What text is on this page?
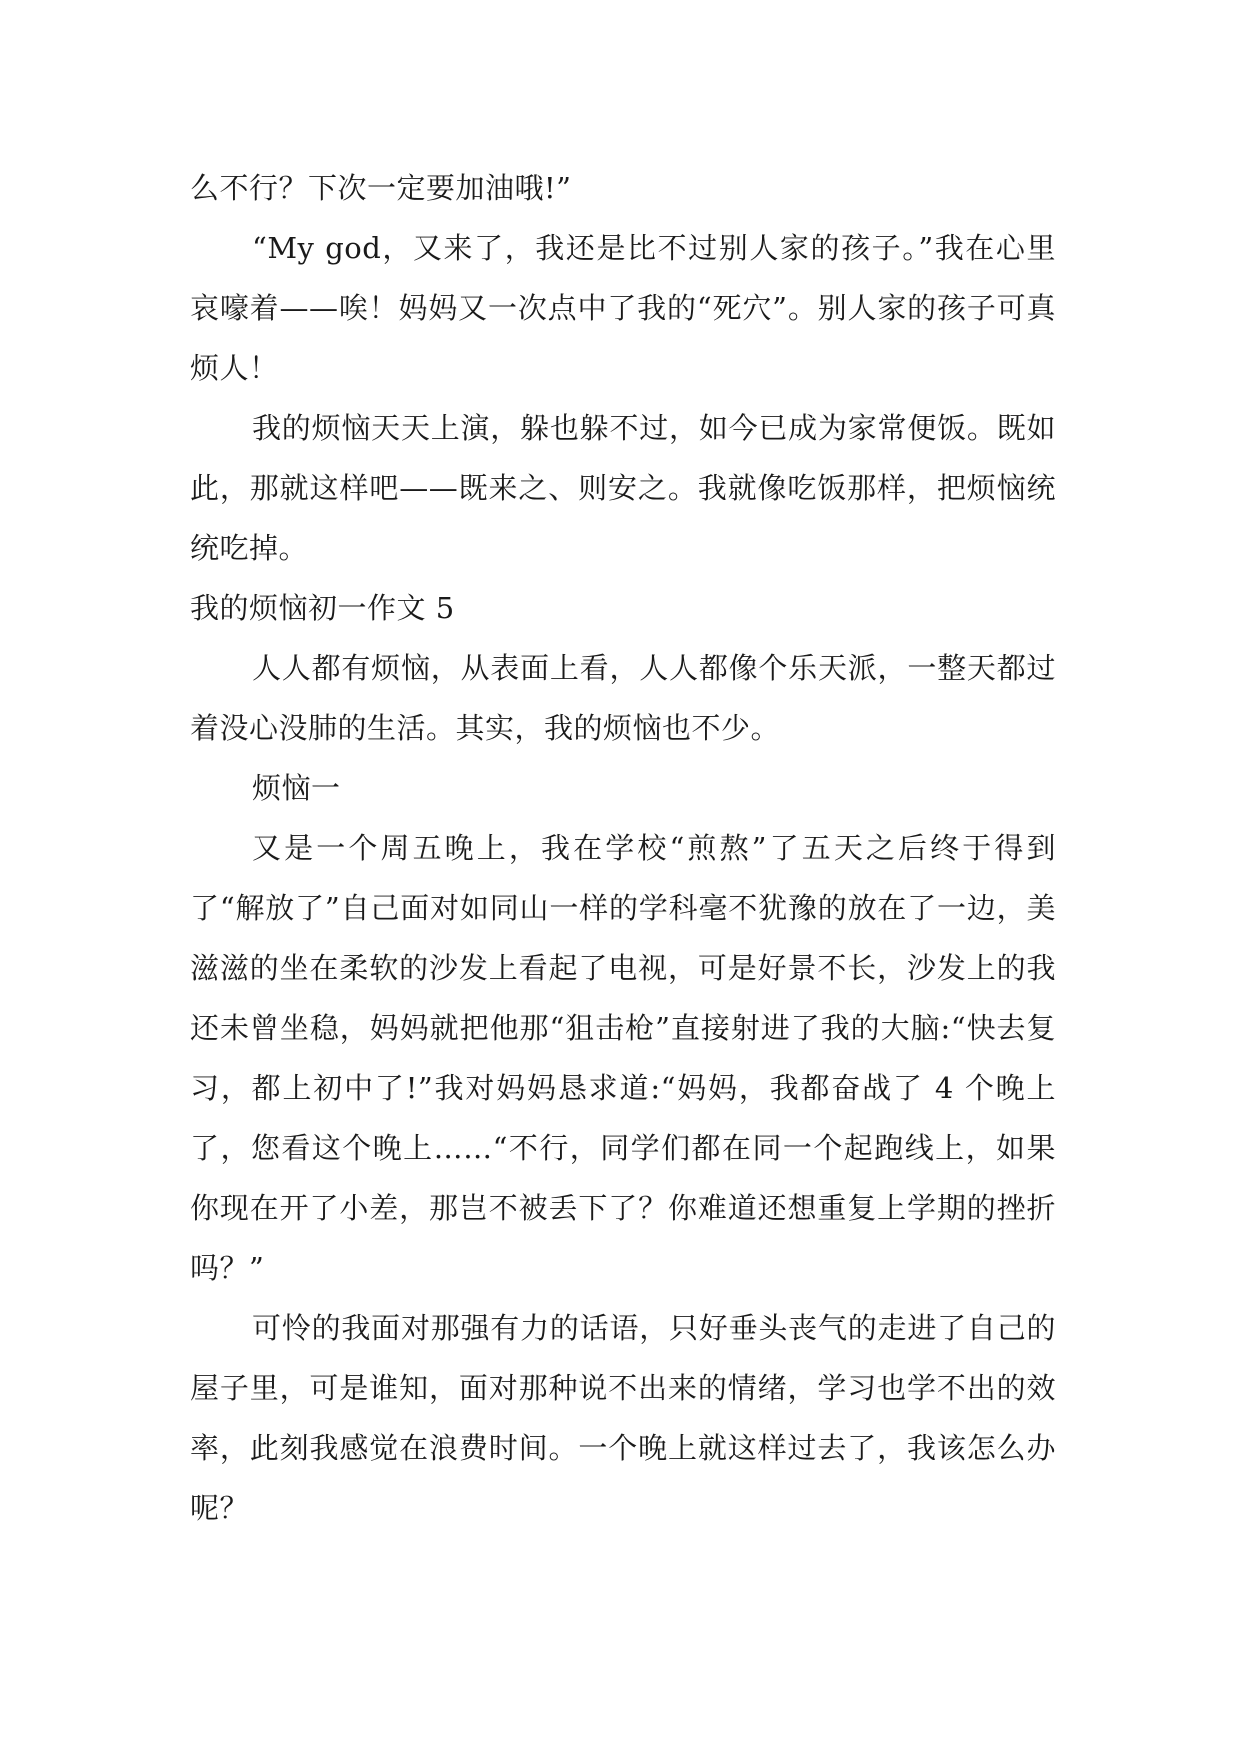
么不行？下次一定要加油哦!”

“My god，又来了，我还是比不过别人家的孩子。”我在心里哀嚎着——唉！妈妈又一次点中了我的“死穴”。别人家的孩子可真烦人！

我的烦恼天天上演，躲也躲不过，如今已成为家常便饭。既如此，那就这样吧——既来之、则安之。我就像吃饭那样，把烦恼统统吃掉。

我的烦恼初一作文 5

人人都有烦恼，从表面上看，人人都像个乐天派，一整天都过着没心没肺的生活。其实，我的烦恼也不少。

烦恼一

又是一个周五晚上，我在学校“煎熬”了五天之后终于得到了“解放了”自己面对如同山一样的学科毫不犹豫的放在了一边，美滋滋的坐在柔软的沙发上看起了电视，可是好景不长，沙发上的我还未曾坐稳，妈妈就把他那“狙击枪”直接射进了我的大脑:“快去复习，都上初中了!”我对妈妈恳求道:“妈妈，我都奋战了 4 个晚上了，您看这个晚上……“不行，同学们都在同一个起跑线上，如果你现在开了小差，那岂不被丢下了？你难道还想重复上学期的挫折吗？”

可怜的我面对那强有力的话语，只好垂头丧气的走进了自己的屋子里，可是谁知，面对那种说不出来的情绪，学习也学不出的效率，此刻我感觉在浪费时间。一个晚上就这样过去了，我该怎么办呢？
